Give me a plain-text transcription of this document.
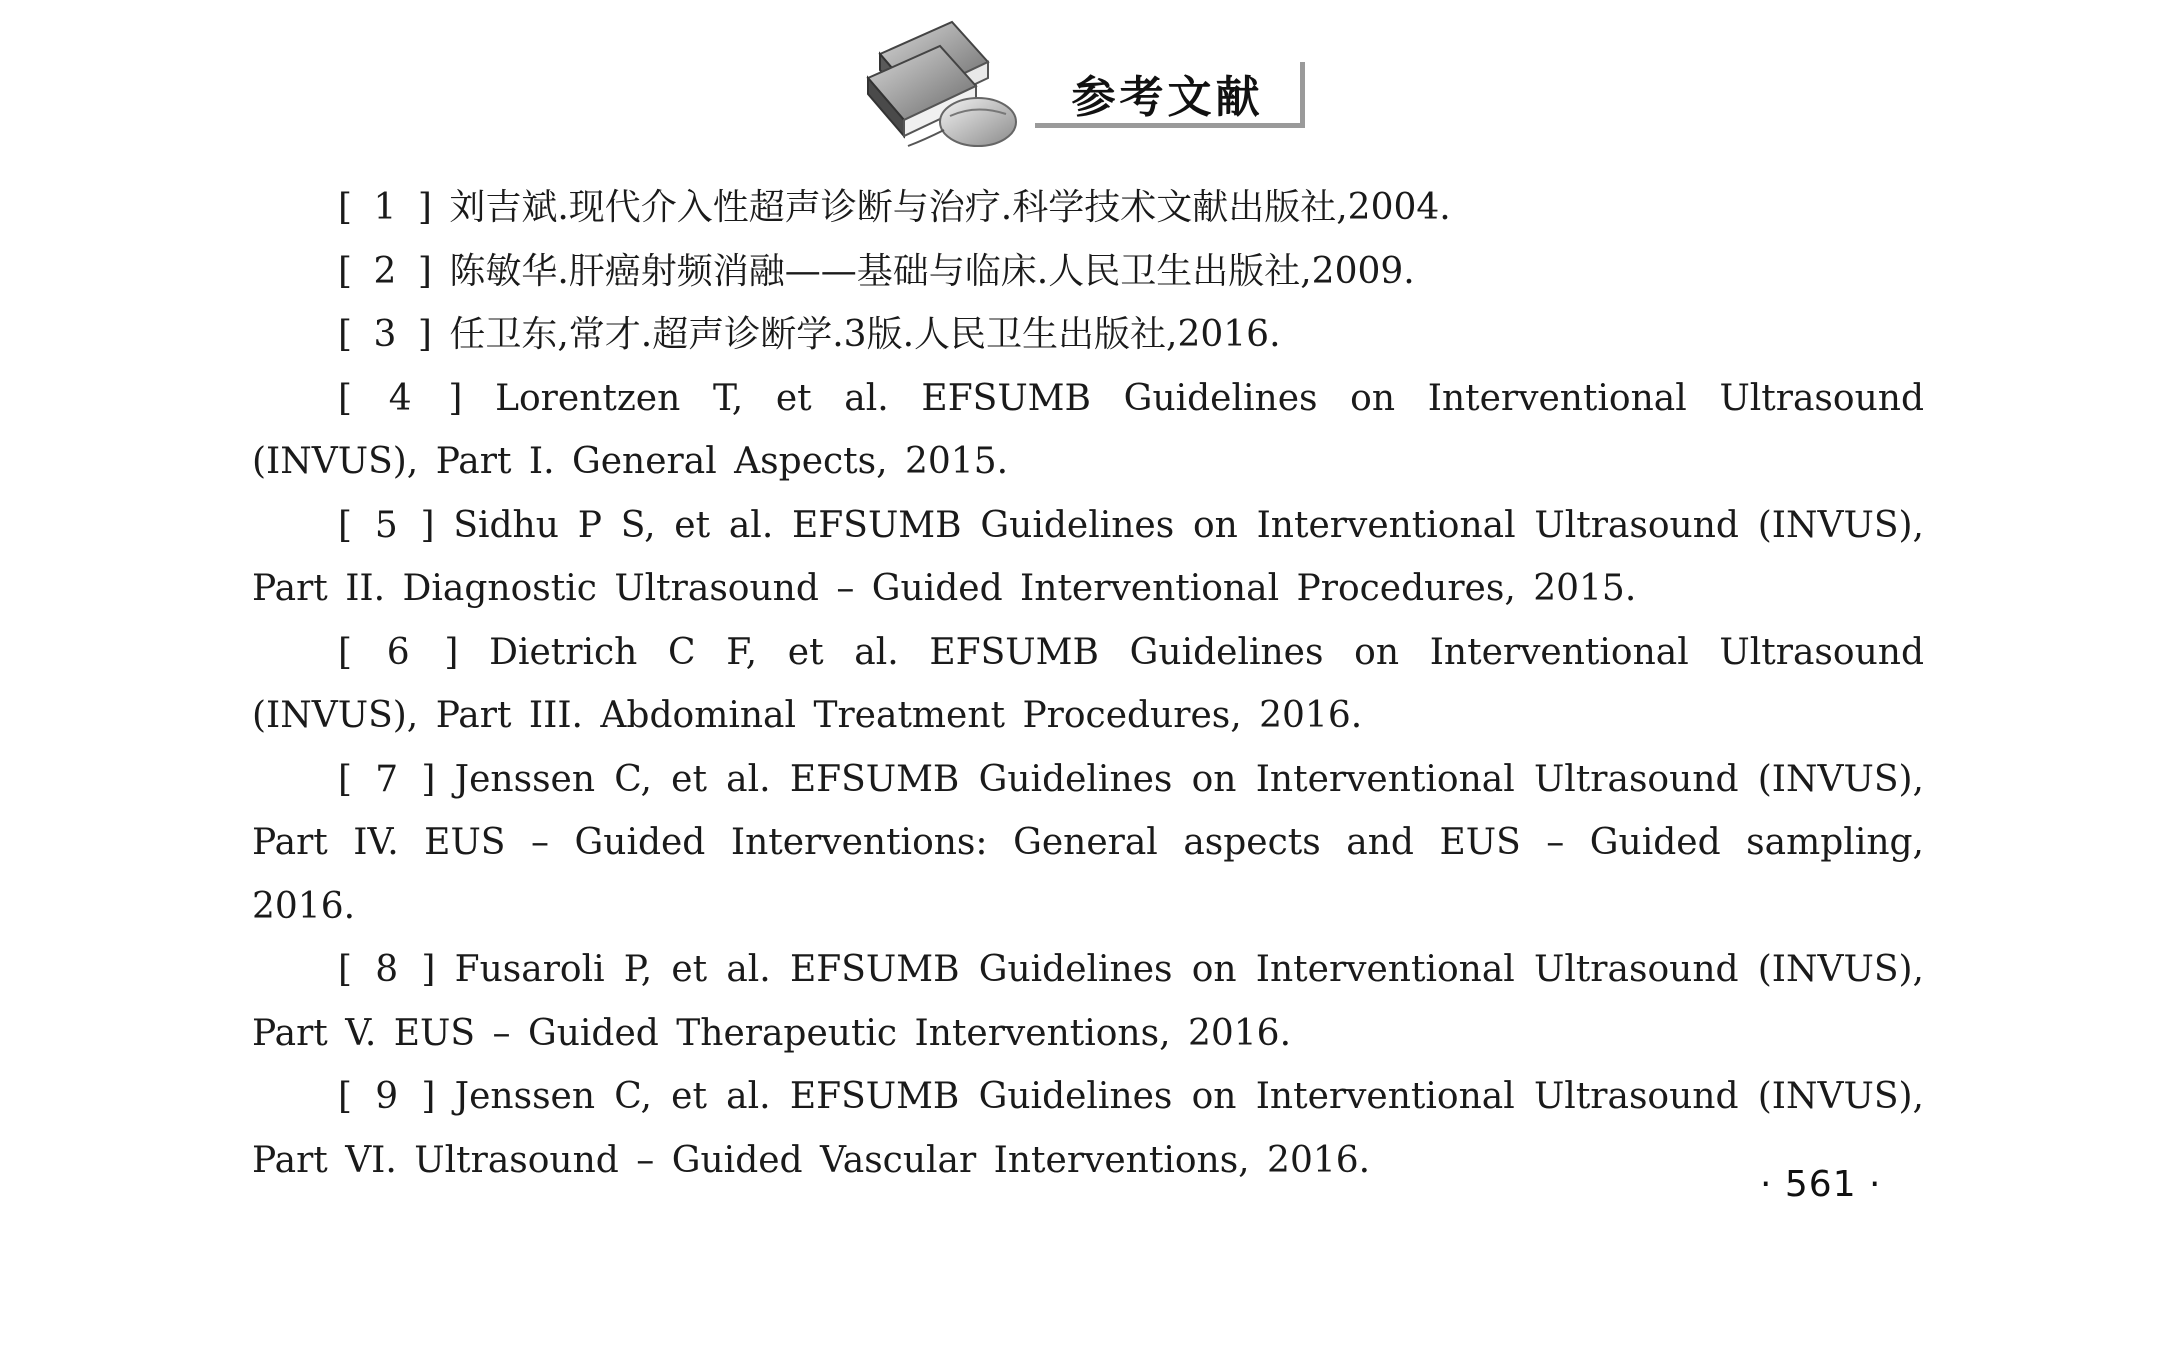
参考文献
[ 1 ] 刘吉斌.现代介入性超声诊断与治疗.科学技术文献出版社,2004.
[ 2 ] 陈敏华.肝癌射频消融——基础与临床.人民卫生出版社,2009.
[ 3 ] 任卫东,常才.超声诊断学.3版.人民卫生出版社,2016.
[ 4 ] Lorentzen T, et al. EFSUMB Guidelines on Interventional Ultrasound (INVUS), Part I. General Aspects, 2015.
[ 5 ] Sidhu P S, et al. EFSUMB Guidelines on Interventional Ultrasound (INVUS), Part II. Diagnostic Ultrasound – Guided Interventional Procedures, 2015.
[ 6 ] Dietrich C F, et al. EFSUMB Guidelines on Interventional Ultrasound (INVUS), Part III. Abdominal Treatment Procedures, 2016.
[ 7 ] Jenssen C, et al. EFSUMB Guidelines on Interventional Ultrasound (INVUS), Part IV. EUS – Guided Interventions: General aspects and EUS – Guided sampling, 2016.
[ 8 ] Fusaroli P, et al. EFSUMB Guidelines on Interventional Ultrasound (INVUS), Part V. EUS – Guided Therapeutic Interventions, 2016.
[ 9 ] Jenssen C, et al. EFSUMB Guidelines on Interventional Ultrasound (INVUS), Part VI. Ultrasound – Guided Vascular Interventions, 2016.
· 561 ·
